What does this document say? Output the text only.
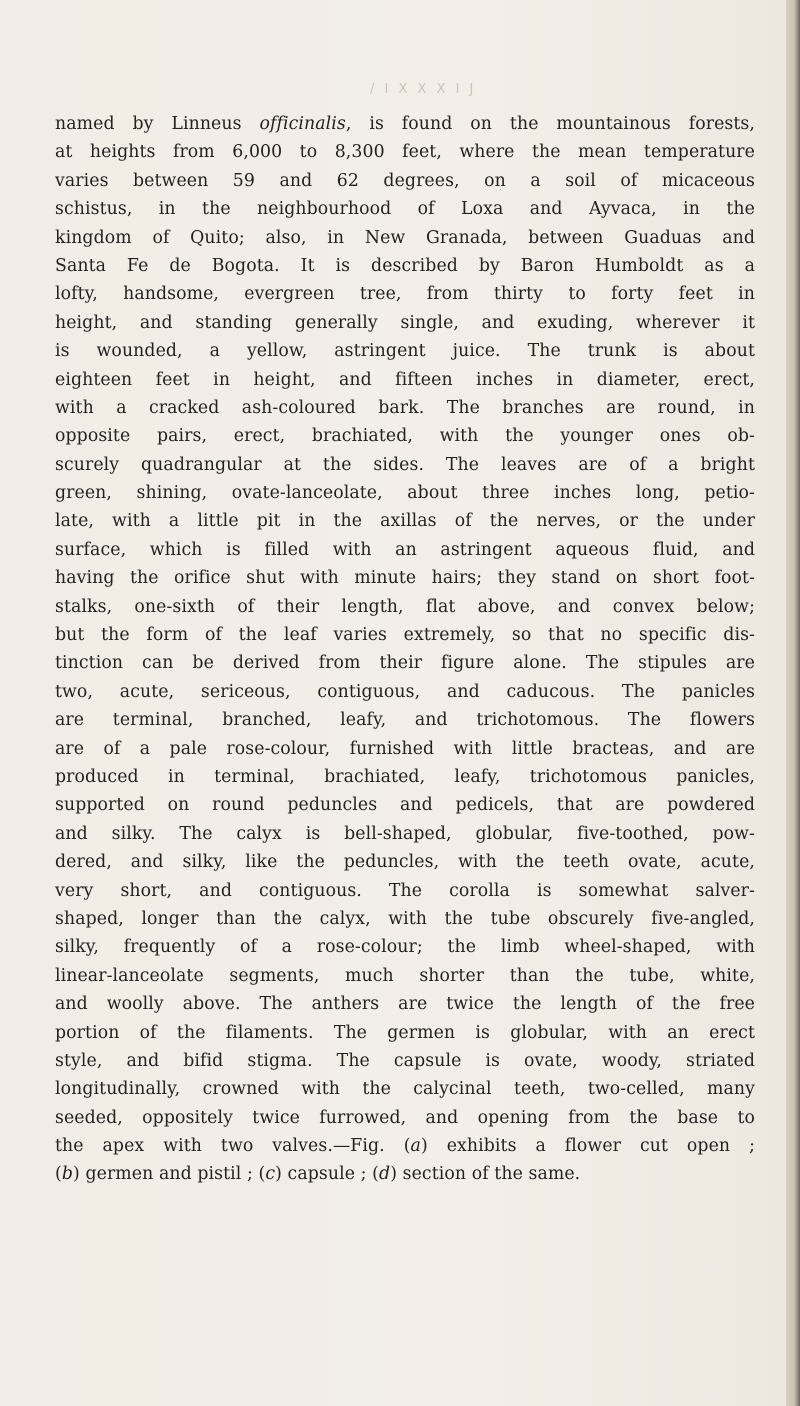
/ I X X X I J
named by Linneus officinalis, is found on the mountainous forests,
at heights from 6,000 to 8,300 feet, where the mean temperature
varies between 59 and 62 degrees, on a soil of micaceous
schistus, in the neighbourhood of Loxa and Ayvaca, in the
kingdom of Quito; also, in New Granada, between Guaduas and
Santa Fe de Bogota. It is described by Baron Humboldt as a
lofty, handsome, evergreen tree, from thirty to forty feet in
height, and standing generally single, and exuding, wherever it
is wounded, a yellow, astringent juice. The trunk is about
eighteen feet in height, and fifteen inches in diameter, erect,
with a cracked ash-coloured bark. The branches are round, in
opposite pairs, erect, brachiated, with the younger ones ob-
scurely quadrangular at the sides. The leaves are of a bright
green, shining, ovate-lanceolate, about three inches long, petio-
late, with a little pit in the axillas of the nerves, or the under
surface, which is filled with an astringent aqueous fluid, and
having the orifice shut with minute hairs; they stand on short foot-
stalks, one-sixth of their length, flat above, and convex below;
but the form of the leaf varies extremely, so that no specific dis-
tinction can be derived from their figure alone. The stipules are
two, acute, sericeous, contiguous, and caducous. The panicles
are terminal, branched, leafy, and trichotomous. The flowers
are of a pale rose-colour, furnished with little bracteas, and are
produced in terminal, brachiated, leafy, trichotomous panicles,
supported on round peduncles and pedicels, that are powdered
and silky. The calyx is bell-shaped, globular, five-toothed, pow-
dered, and silky, like the peduncles, with the teeth ovate, acute,
very short, and contiguous. The corolla is somewhat salver-
shaped, longer than the calyx, with the tube obscurely five-angled,
silky, frequently of a rose-colour; the limb wheel-shaped, with
linear-lanceolate segments, much shorter than the tube, white,
and woolly above. The anthers are twice the length of the free
portion of the filaments. The germen is globular, with an erect
style, and bifid stigma. The capsule is ovate, woody, striated
longitudinally, crowned with the calycinal teeth, two-celled, many
seeded, oppositely twice furrowed, and opening from the base to
the apex with two valves.—Fig. (a) exhibits a flower cut open ;
(b) germen and pistil ; (c) capsule ; (d) section of the same.
